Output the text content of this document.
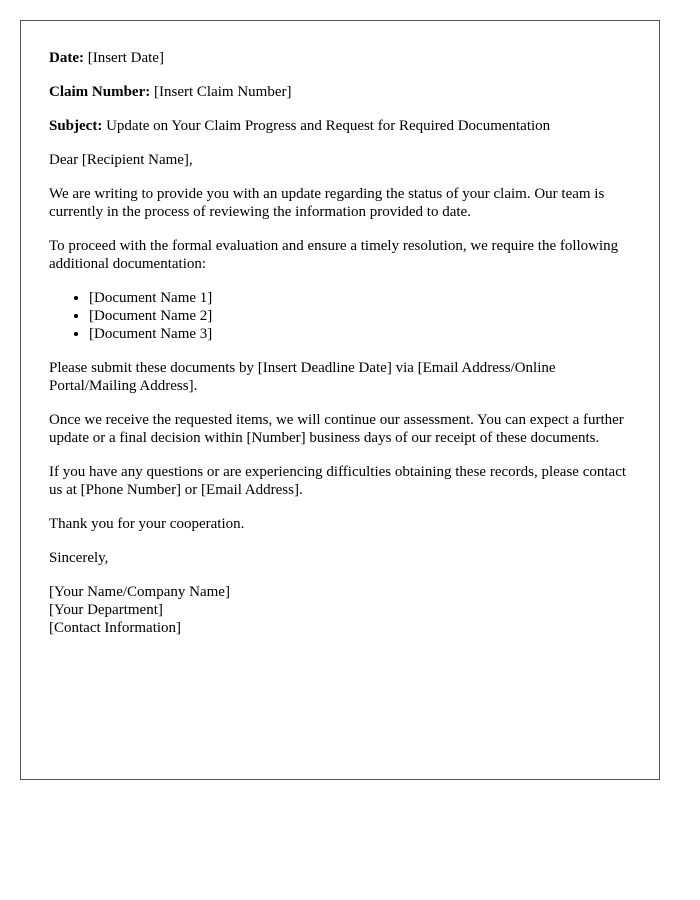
Date: [Insert Date]

Claim Number: [Insert Claim Number]

Subject: Update on Your Claim Progress and Request for Required Documentation

Dear [Recipient Name],

We are writing to provide you with an update regarding the status of your claim. Our team is currently in the process of reviewing the information provided to date.

To proceed with the formal evaluation and ensure a timely resolution, we require the following additional documentation:

• [Document Name 1]
• [Document Name 2]
• [Document Name 3]

Please submit these documents by [Insert Deadline Date] via [Email Address/Online Portal/Mailing Address].

Once we receive the requested items, we will continue our assessment. You can expect a further update or a final decision within [Number] business days of our receipt of these documents.

If you have any questions or are experiencing difficulties obtaining these records, please contact us at [Phone Number] or [Email Address].

Thank you for your cooperation.

Sincerely,

[Your Name/Company Name]
[Your Department]
[Contact Information]
